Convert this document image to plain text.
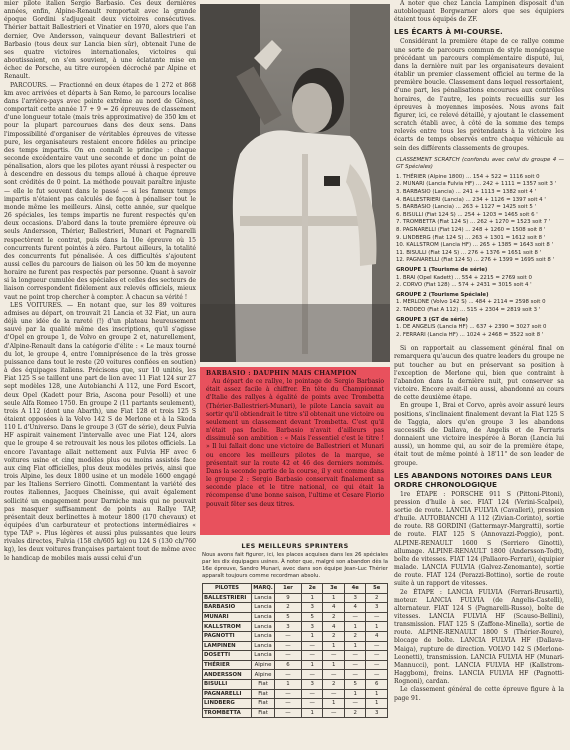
mier pilote italien Sergio Barbasio. Ces deux dernières années, enfin, Alpine-Renault remportait avec la grande époque Gordini s'adjugeait deux victoires consécutives. Thérier battait Ballestrieri et Vinatier en 1970, alors que l'an dernier, Ove Andersson, vainqueur devant Ballestrieri et Barbasio (tous deux sur Lancia bien sûr), obtenait l'une de ses quatre victoires internationales, victoires qui aboutissaient, on s'en souvient, à une éclatante mise en échec de Porsche, au titre européen décroché par Alpine et Renault.

PARCOURS. — Fractionné en deux étapes de 1 272 et 868 km avec arrivées et départs à San Remo, le parcours localise dans l'arrière-pays avec pointe extrême au nord de Gênes, comportait cette année 17 + 9 = 26 épreuves de classement d'une longueur totale (mais très approximative) de 350 km et pour la plupart parcourues dans des deux sens. Dans l'impossibilité d'organiser de véritables épreuves de vitesse pure, les organisateurs restaient encore fidèles au principe des temps impartis. On en connaît le principe : chaque seconde excédentaire vaut une seconde et donc un point de pénalisation, alors que les pilotes ayant réussi à respecter ou à descendre en dessous du temps alloué à chaque épreuve sont crédités de 0 point. La méthode pouvait paraître injuste — elle le fut souvent dans le passé — si les fameux temps impartis n'étaient pas calculés de façon à pénaliser tout le monde même les meilleurs. Ainsi, cette année, sur quelque 26 spéciales, les temps impartis ne furent respectés qu'en deux occasions. D'abord dans la toute première épreuve où seuls Andersson, Thérier, Ballestrieri, Munari et Pagnarelli respectèrent le contrat, puis dans la 10e épreuve où 15 concurrents furent pointés à zéro. Partout ailleurs, la totalité des concurrents fut pénalisée. À ces difficultés s'ajoutent aussi celles du parcours de liaison où les 50 km de moyenne horaire ne furent pas respectés par personne. Quant à savoir si la longueur cumulée des spéciales et celles des secteurs de liaison correspondent fidèlement aux relevés officiels, mieux vaut ne point trop chercher à compter. À chacun sa vérité !

LES VOITURES. — En notant que, sur les 89 voitures admises au départ, on trouvait 21 Lancia et 32 Fiat, un aura déjà une idée de la rareté (!) d'un plateau heureusement sauvé par la qualité même des inscriptions, qu'il s'agisse d'Opel en groupe 1, de Volvo en groupe 2 et, naturellement, d'Alpine-Renault dans la catégorie d'élite : « Le maux tourné du lot, le groupe 4, entre l'omniprésence de la très grosse puissance dans tout le reste (20 voitures confiées en soutien) à des équipages italiens. Précisons que, sur 10 unités, les Fiat 125 S se taillent une part de lion avec 11 Fiat 124 sur 27 sept modèles 128, une Autobianchi A 112, une Ford Escort, deux Opel (Kadett pour Bria, Ascona pour Pesolli) et une seule Alfa Romeo 1750. En groupe 2 (11 partants seulement), trois A 112 (dont une Abarth), une Fiat 128 et trois 125 S étaient opposées à la Volvo 142 S de Merlone et à la Skoda 110 L d'Universo. Dans le groupe 3 (GT de série), deux Fulvia HF aspirait vainement l'intervalle avec une Fiat 124, alors que le groupe 4 se retrouvait les nous les pilotes officiels. La encore l'avantage allait nettement aux Fulvia HF avec 6 voitures usine et cinq modèles plus ou moins assistés face aux cinq Fiat officielles, plus deux modèles privés, ainsi que trois Alpine, les deux 1800 usine et un modèle 1600 engagé par les Italiens Serriero Ginotti. Commentant la variété des routes italiennes, Jacques Cheinisse, qui avait également sollicité un engagement pour Darniche mais qui ne pouvait pas masquer suffisamment de points au Rallye TAP, présentait deux berlinettes à moteur 1800 (170 chevaux) et équipées d'un carburateur et protections intermédiaires « type TAP ». Plus légères et aussi plus puissantes que leurs rivales directes, Fulvia (158 ch/605 kg) ou 124 S (130 ch/760 kg), les deux voitures françaises partaient tout de même avec le handicap de mobiles mais aussi celui d'un

BARBASIO : DAUPHIN MAIS CHAMPION
Au départ de ce rallye, le pointage de Sergio Barbasio était assez facile à chiffrer. En tête du Championnat d'Italie des rallyes à égalité de points avec Trombetta (Thérier-Ballestrieri-Munari), le pilote Lancia savait au sortir qu'il obtiendrait le titre s'il obtenait une victoire ou seulement un classement devant Trombetta. C'est qu'il n'était pas facile. Barbasio n'avait d'ailleurs pas dissimulé son ambition : « Mais l'essentiel c'est le titre ! » Il lui fallait donc une victoire de Ballestrieri et Munari ou encore les meilleurs pilotes de la marque, se présentait sur la route 42 et 46 des derniers nommés. Dans la seconde partie de la course, il y eut comme dans le groupe 2 : Sergio Barbasio conservait finalement sa seconde place et le titre national, ce qui était la récompense d'une bonne saison, l'ultime et Cesare Fiorio pouvait fêter ses deux titres.
LES MEILLEURS SPRINTERS
Nous avons fait figurer, ici, les places acquises dans les 26 spéciales par les dix équipages usines. À noter que, malgré son abandon dès la 16e épreuve, Sandro Munari, avec dans son équipe Jean-Luc Thérier apparaît toujours comme recordman absolu.
PILOTES	MARQ.	1er	2e	3e	4e	5e
BALLESTRIERI	Lancia	9	1	1	3	2
BARBASIO	Lancia	2	3	4	4	3
MUNARI	Lancia	5	5	2	—	—
KALLSTROM	Lancia	3	3	4	1	1
PAGNOTTI	Lancia	—	1	2	2	4
LAMPINEN	Lancia	—	—	1	1	—
DOSETTI	Lancia	—	—	—	—	—
THÉRIER	Alpine	6	1	1	—	—
ANDERSSON	Alpine	—	—	—	—	—
BISULLI	Fiat	1	3	2	5	6
PAGNARELLI	Fiat	—	—	—	1	1
LINDBERG	Fiat	—	—	1	—	1
TROMBETTA	Fiat	—	1	—	2	3

À noter que chez Lancia Lampinen disposait d'un autobloquant Borgwarner alors que ses équipiers étaient tous équipés de ZF.

LES ÉCARTS À MI-COURSE.

Considérant la première étape de ce rallye comme une sorte de parcours commun de style monégasque précédant un parcours complémentaire disputé, lui, dans la dernière nuit par les organisateurs devaient établir un premier classement officiel au terme de la première boucle. Classement dans lequel ressortaient, d'une part, les pénalisations encourues aux contrôles horaires, de l'autre, les points recueillis sur les épreuves à moyennes imposées. Nous avons fait figurer, ici, ce relevé détaillé, y ajoutant le classement scratch établi avec, à côté de la somme des temps relevés entre tous les prétendants à la victoire les écarts de temps observés entre chaque véhicule au sein des différents classements de groupes.

CLASSEMENT SCRATCH (confondu avec celui du groupe 4 — GT Spéciales)
1. THÉRIER (Alpine 1800) ... 154 + 522 = 1116 soit 0
2. MUNARI (Lancia Fulvia HF) ... 242 + 1111 = 1357 soit 3 '
3. BARBASIO (Lancia) ... 241 + 1113 = 1382 soit 4 '
4. BALLESTRIERI (Lancia) ... 234 + 1126 = 1397 soit 4 '
5. BARBASIO (Lancia) ... 263 + 1127 = 1425 soit 5 '
6. BISULLI (Fiat 124 S) ... 254 + 1203 = 1465 soit 6 '
7. TROMBETTA (Fiat 124 S) ... 262 + 1270 = 1523 soit 7 '
8. PAGNARELLI (Fiat 124) ... 248 + 1260 = 1508 soit 8 '
9. LINDBERG (Fiat 124 S) ... 263 + 1301 = 1612 soit 8 '
10. KALLSTROM (Lancia HF) ... 265 + 1385 = 1643 soit 8 '
11. BISULLI (Fiat 124 S) ... 276 + 1376 = 1651 soit 8 '
12. PAGNARELLI (Fiat 124 S) ... 276 + 1399 = 1695 soit 8 '
GROUPE 1 (Tourisme de série)
1. BRAI (Opel Kadett) ... 554 + 2215 = 2769 soit 0
2. CORVO (Fiat 128) ... 574 + 2431 = 3015 soit 4 '
GROUPE 2 (Tourisme Spéciale)
1. MERLONE (Volvo 142 S) ... 484 + 2114 = 2598 soit 0
2. TADDEO (Fiat A 112) ... 515 + 2304 = 2819 soit 3 '
GROUPE 3 (GT de série)
1. DE ANGELIS (Lancia HF) ... 637 + 2390 = 3027 soit 0
2. FERRARI (Lancia HF) ... 1024 + 2468 = 3522 soit 8 '

Si on rapportait au classement général final on remarquera qu'aucun des quatre leaders du groupe ne put toucher au but en préservant sa position à l'exception de Merlone qui, bien que contraint à l'abandon dans la dernière nuit, put conserver sa victoire. Encore avait-il eu aussi, abandonné au cours de cette deuxième étape.

En groupe 1, Brai et Corvo, après avoir assuré leurs positions, s'inclinaient finalement devant la Fiat 125 S de Taggia, alors qu'en groupe 3 les abandons successifs de Dallava, de Angelis et de Ferraris donnaient une victoire inespérée à Boran (Lancia lui aussi), un homme qui, au soir de la première étape, était tout de même pointé à 18'11" de son leader de groupe.

LES ABANDONS NOTOIRES DANS LEUR ORDRE CHRONOLOGIQUE

1re ÉTAPE : PORSCHE 911 S (Pittoni-Pitoni), pression d'huile à sec. FIAT 124 (Verini-Scalpei), sortie de route. LANCIA FULVIA (Cavalleri), pression d'huile. AUTOBIANCHI A 112 (Zivian-Corinto), sortie de route. R8 GORDINI (Gattermayr-Margratti), sortie de route. FIAT 125 S (Annovazzi-Poggio), pont. ALPINE-RENAULT 1600 S (Serriero Ginotti), allumage. ALPINE-RENAULT 1800 (Andersson-Todt), boîte de vitesses. FIAT 124 (Pallaoro-Ferrari), équipier malade. LANCIA FULVIA (Galvez-Zenomante), sortie de route. FIAT 124 (Perazzi-Bottino), sortie de route suite à un rapport de vitesses.

2e ÉTAPE : LANCIA FULVIA (Ferrari-Brusarti), moteur. LANCIA FULVIA (de Angelis-Castelli), alternateur. FIAT 124 S (Pagnarelli-Russo), boîte de vitesses. LANCIA FULVIA HF (Scauso-Bellini), transmission. FIAT 125 S (Zaffone-Minella), sortie de route. ALPINE-RENAULT 1800 S (Thérier-Roure), blocage de boîte. LANCIA FULVIA HF (Dallava-Maiga), rupture de direction. VOLVO 142 S (Merlone-Leonetti), transmission. LANCIA FULVIA HF (Munari-Mannucci), pont. LANCIA FULVIA HF (Kallstrom-Haggbom), freins. LANCIA FULVIA HF (Pagnotti-Rognoni), cardan.

Le classement général de cette épreuve figure à la page 91.
